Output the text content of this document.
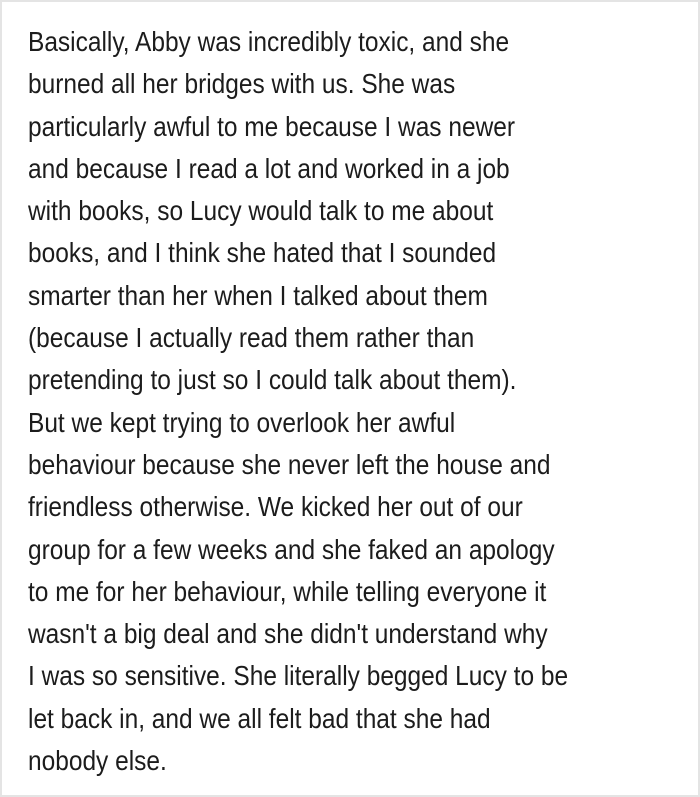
Basically, Abby was incredibly toxic, and she
burned all her bridges with us. She was
particularly awful to me because I was newer
and because I read a lot and worked in a job
with books, so Lucy would talk to me about
books, and I think she hated that I sounded
smarter than her when I talked about them
(because I actually read them rather than
pretending to just so I could talk about them).
But we kept trying to overlook her awful
behaviour because she never left the house and
friendless otherwise. We kicked her out of our
group for a few weeks and she faked an apology
to me for her behaviour, while telling everyone it
wasn't a big deal and she didn't understand why
I was so sensitive. She literally begged Lucy to be
let back in, and we all felt bad that she had
nobody else.
